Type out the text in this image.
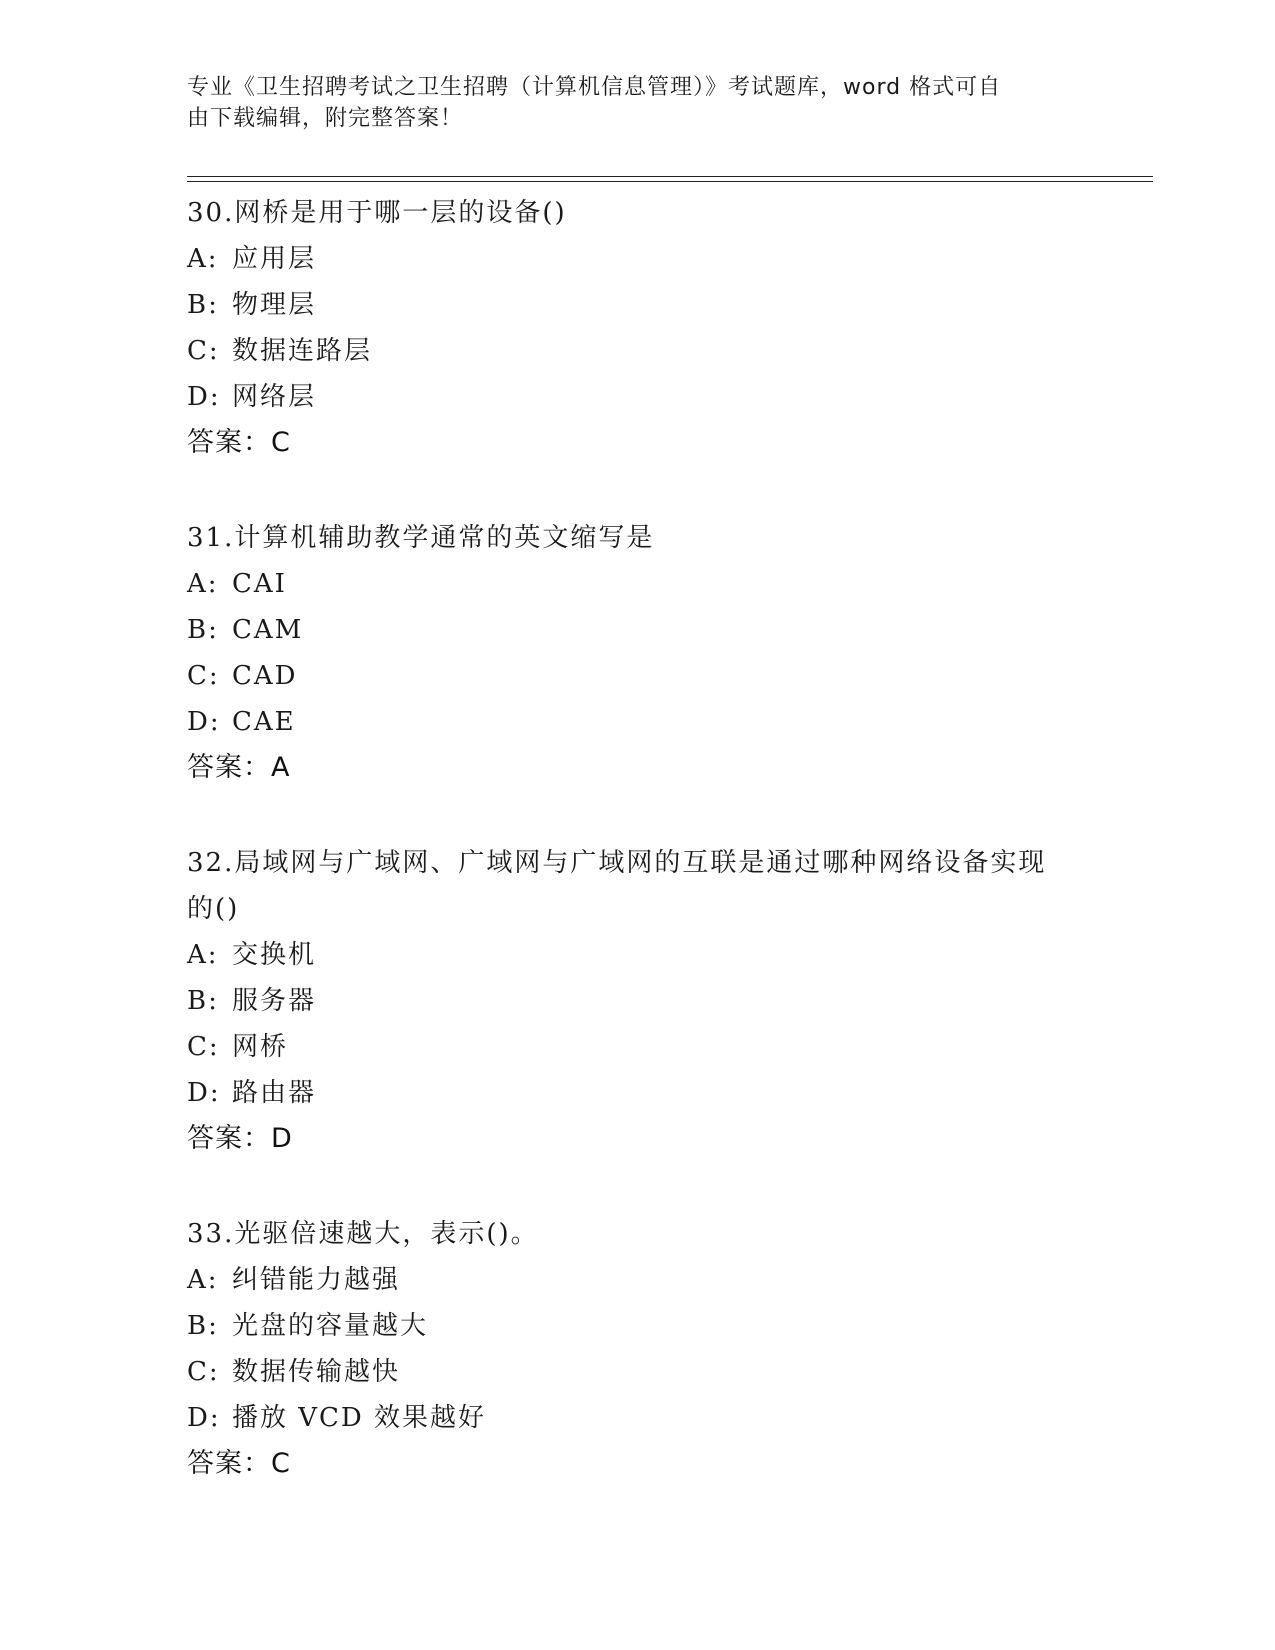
专业《卫生招聘考试之卫生招聘（计算机信息管理）》考试题库，word 格式可自
由下载编辑，附完整答案！
30.网桥是用于哪一层的设备()
A: 应用层
B: 物理层
C: 数据连路层
D: 网络层
答案：C
31.计算机辅助教学通常的英文缩写是
A: CAI
B: CAM
C: CAD
D: CAE
答案：A
32.局域网与广域网、广域网与广域网的互联是通过哪种网络设备实现
的()
A: 交换机
B: 服务器
C: 网桥
D: 路由器
答案：D
33.光驱倍速越大，表示()。
A: 纠错能力越强
B: 光盘的容量越大
C: 数据传输越快
D: 播放 VCD 效果越好
答案：C
